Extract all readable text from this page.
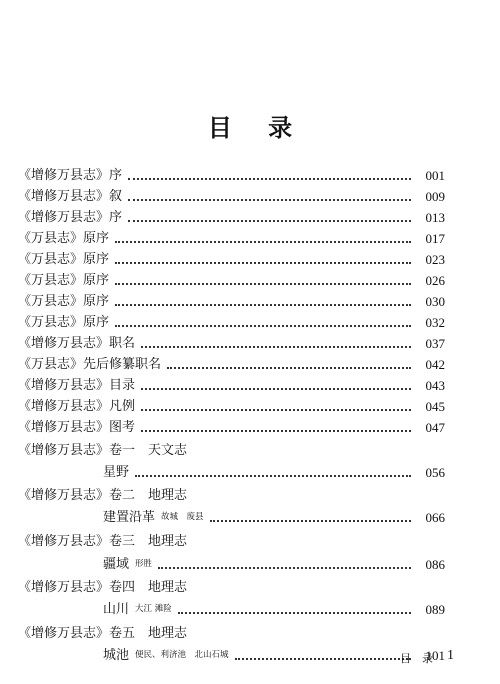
目 录
《增修万县志》序	001
《增修万县志》叙	009
《增修万县志》序	013
《万县志》原序	017
《万县志》原序	023
《万县志》原序	026
《万县志》原序	030
《万县志》原序	032
《增修万县志》职名	037
《万县志》先后修纂职名	042
《增修万县志》目录	043
《增修万县志》凡例	045
《增修万县志》图考	047
《增修万县志》卷一　天文志
星野	056
《增修万县志》卷二　地理志
建置沿革 故城　废县	066
《增修万县志》卷三　地理志
疆域 形胜	086
《增修万县志》卷四　地理志
山川 大江 滩险	089
《增修万县志》卷五　地理志
城池 便民、利济池　北山石城	101
目　录 1
